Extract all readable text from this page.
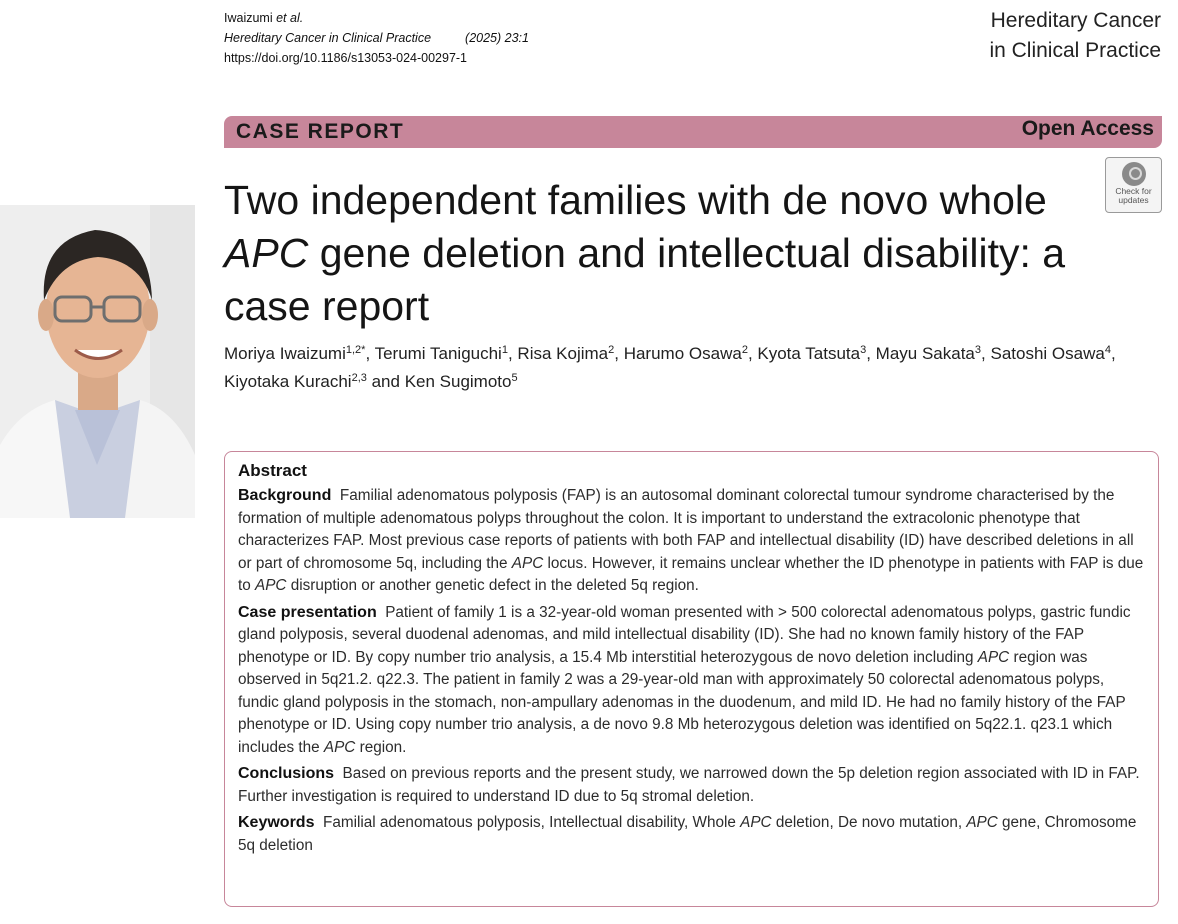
Iwaizumi et al.
Hereditary Cancer in Clinical Practice	(2025) 23:1
https://doi.org/10.1186/s13053-024-00297-1
Hereditary Cancer
in Clinical Practice
CASE REPORT	Open Access
Check for
updates
Two independent families with de novo whole APC gene deletion and intellectual disability: a case report
Moriya Iwaizumi$^{1,2*}$, Terumi Taniguchi$^1$, Risa Kojima$^2$, Harumo Osawa$^2$, Kyota Tatsuta$^3$, Mayu Sakata$^3$, Satoshi Osawa$^4$, Kiyotaka Kurachi$^{2,3}$ and Ken Sugimoto$^5$
Abstract

Background Familial adenomatous polyposis (FAP) is an autosomal dominant colorectal tumour syndrome characterised by the formation of multiple adenomatous polyps throughout the colon. It is important to understand the extracolonic phenotype that characterizes FAP. Most previous case reports of patients with both FAP and intellectual disability (ID) have described deletions in all or part of chromosome 5q, including the APC locus. However, it remains unclear whether the ID phenotype in patients with FAP is due to APC disruption or another genetic defect in the deleted 5q region.

Case presentation Patient of family 1 is a 32-year-old woman presented with > 500 colorectal adenomatous polyps, gastric fundic gland polyposis, several duodenal adenomas, and mild intellectual disability (ID). She had no known family history of the FAP phenotype or ID. By copy number trio analysis, a 15.4 Mb interstitial heterozygous de novo deletion including APC region was observed in 5q21.2. q22.3. The patient in family 2 was a 29-year-old man with approximately 50 colorectal adenomatous polyps, fundic gland polyposis in the stomach, non-ampullary adenomas in the duodenum, and mild ID. He had no family history of the FAP phenotype or ID. Using copy number trio analysis, a de novo 9.8 Mb heterozygous deletion was identified on 5q22.1. q23.1 which includes the APC region.

Conclusions Based on previous reports and the present study, we narrowed down the 5p deletion region associated with ID in FAP. Further investigation is required to understand ID due to 5q stromal deletion.

Keywords Familial adenomatous polyposis, Intellectual disability, Whole APC deletion, De novo mutation, APC gene, Chromosome 5q deletion
